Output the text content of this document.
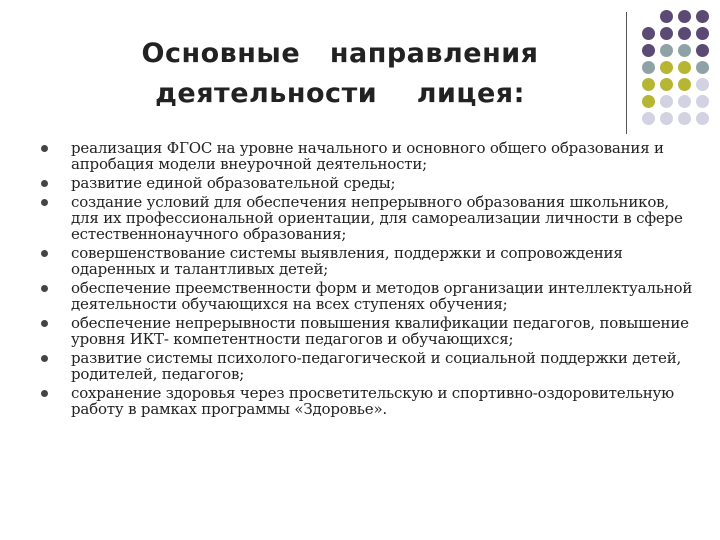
Основные   направления
деятельности    лицея:
реализация ФГОС на уровне начального и основного общего образования и апробация модели внеурочной деятельности;
развитие единой образовательной среды;
создание условий для обеспечения непрерывного образования школьников, для их профессиональной ориентации, для самореализации личности в сфере естественнонаучного образования;
совершенствование системы выявления, поддержки и сопровождения одаренных и талантливых детей;
обеспечение преемственности форм и методов организации интеллектуальной деятельности обучающихся на всех ступенях обучения;
обеспечение непрерывности повышения квалификации педагогов, повышение уровня ИКТ- компетентности педагогов и обучающихся;
развитие системы психолого-педагогической и социальной поддержки детей, родителей, педагогов;
сохранение здоровья через просветительскую и спортивно-оздоровительную работу в рамках программы «Здоровье».
